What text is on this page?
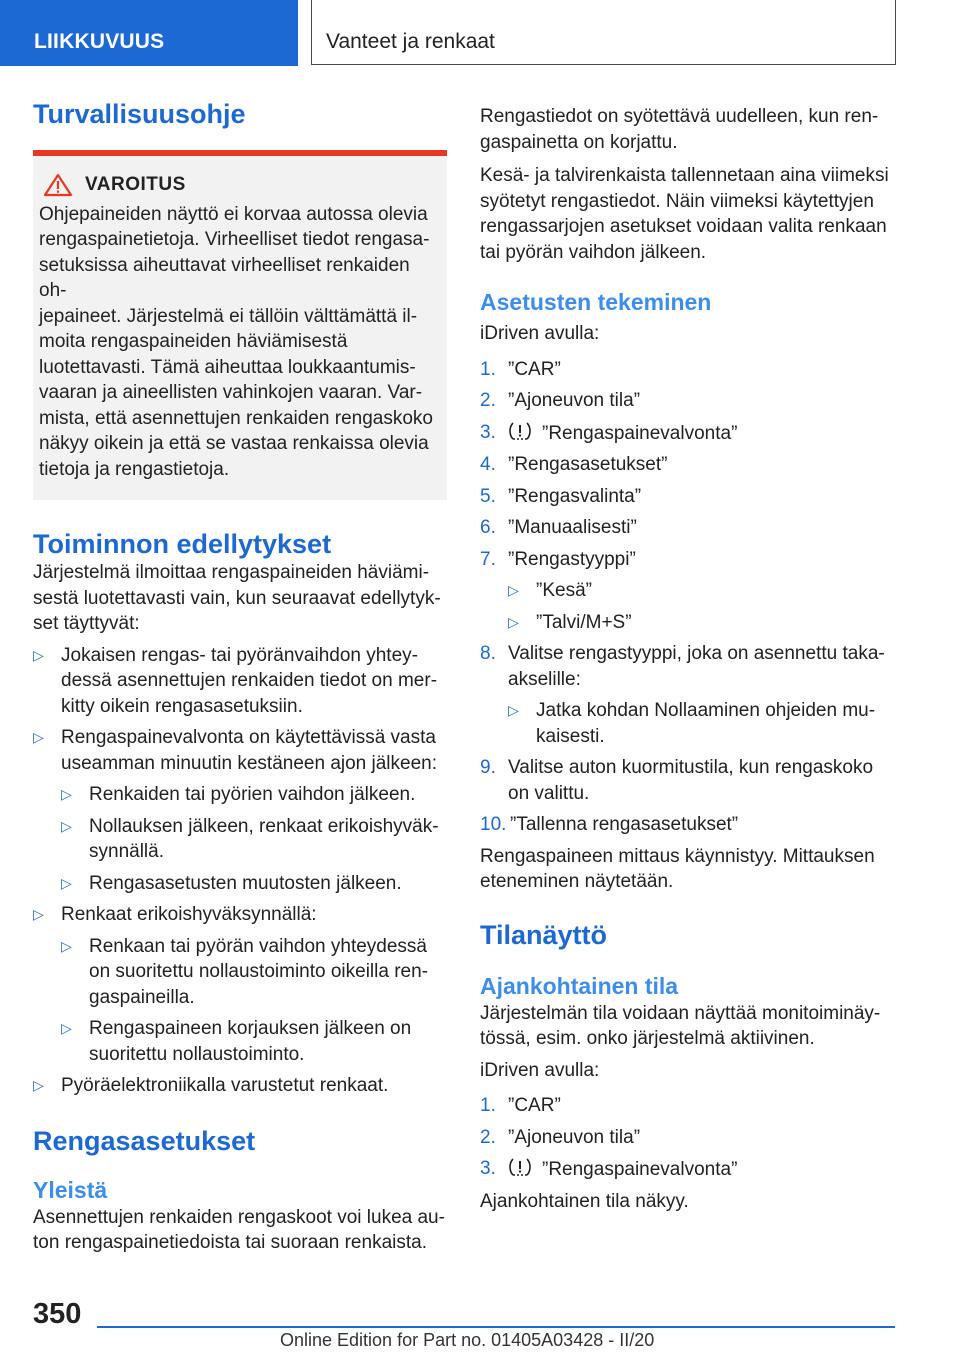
LIIKKUVUUS	Vanteet ja renkaat
Turvallisuusohje
VAROITUS
Ohjepaineiden näyttö ei korvaa autossa olevia
rengaspainetietoja. Virheelliset tiedot rengasa-
setuksissa aiheuttavat virheelliset renkaiden oh-
jepaineet. Järjestelmä ei tällöin välttämättä il-
moita rengaspaineiden häviämisestä
luotettavasti. Tämä aiheuttaa loukkaantumis-
vaaran ja aineellisten vahinkojen vaaran. Var-
mista, että asennettujen renkaiden rengaskoko
näkyy oikein ja että se vastaa renkaissa olevia
tietoja ja rengastietoja.
Toiminnon edellytykset
Järjestelmä ilmoittaa rengaspaineiden häviämi-
sestä luotettavasti vain, kun seuraavat edellytyk-
set täyttyvät:
▷ Jokaisen rengas- tai pyöränvaihdon yhtey-
dessä asennettujen renkaiden tiedot on mer-
kitty oikein rengasasetuksiin.
▷ Rengaspainevalvonta on käytettävissä vasta
useamman minuutin kestäneen ajon jälkeen:
▷ Renkaiden tai pyörien vaihdon jälkeen.
▷ Nollauksen jälkeen, renkaat erikoishyväk-
synnällä.
▷ Rengasasetusten muutosten jälkeen.
▷ Renkaat erikoishyväksynnällä:
▷ Renkaan tai pyörän vaihdon yhteydessä
on suoritettu nollaustoiminto oikeilla ren-
gaspaineilla.
▷ Rengaspaineen korjauksen jälkeen on
suoritettu nollaustoiminto.
▷ Pyöräelektroniikalla varustetut renkaat.
Rengasasetukset
Yleistä
Asennettujen renkaiden rengaskoot voi lukea au-
ton rengaspainetiedoista tai suoraan renkaista.
Rengastiedot on syötettävä uudelleen, kun ren-
gaspainetta on korjattu.
Kesä- ja talvirenkaista tallennetaan aina viimeksi
syötetyt rengastiedot. Näin viimeksi käytettyjen
rengassarjojen asetukset voidaan valita renkaan
tai pyörän vaihdon jälkeen.
Asetusten tekeminen
iDriven avulla:
1. ”CAR”
2. ”Ajoneuvon tila”
3.	”Rengaspainevalvonta”
4. ”Rengasasetukset”
5. ”Rengasvalinta”
6. ”Manuaalisesti”
7. ”Rengastyyppi”
▷ ”Kesä”
▷ ”Talvi/M+S”
8. Valitse rengastyyppi, joka on asennettu taka-
akselille:
▷ Jatka kohdan Nollaaminen ohjeiden mu-
kaisesti.
9. Valitse auton kuormitustila, kun rengaskoko
on valittu.
10. ”Tallenna rengasasetukset”
Rengaspaineen mittaus käynnistyy. Mittauksen
eteneminen näytetään.
Tilanäyttö
Ajankohtainen tila
Järjestelmän tila voidaan näyttää monitoiminäy-
tössä, esim. onko järjestelmä aktiivinen.
iDriven avulla:
1. ”CAR”
2. ”Ajoneuvon tila”
3.	”Rengaspainevalvonta”
Ajankohtainen tila näkyy.
350
Online Edition for Part no. 01405A03428 - II/20
